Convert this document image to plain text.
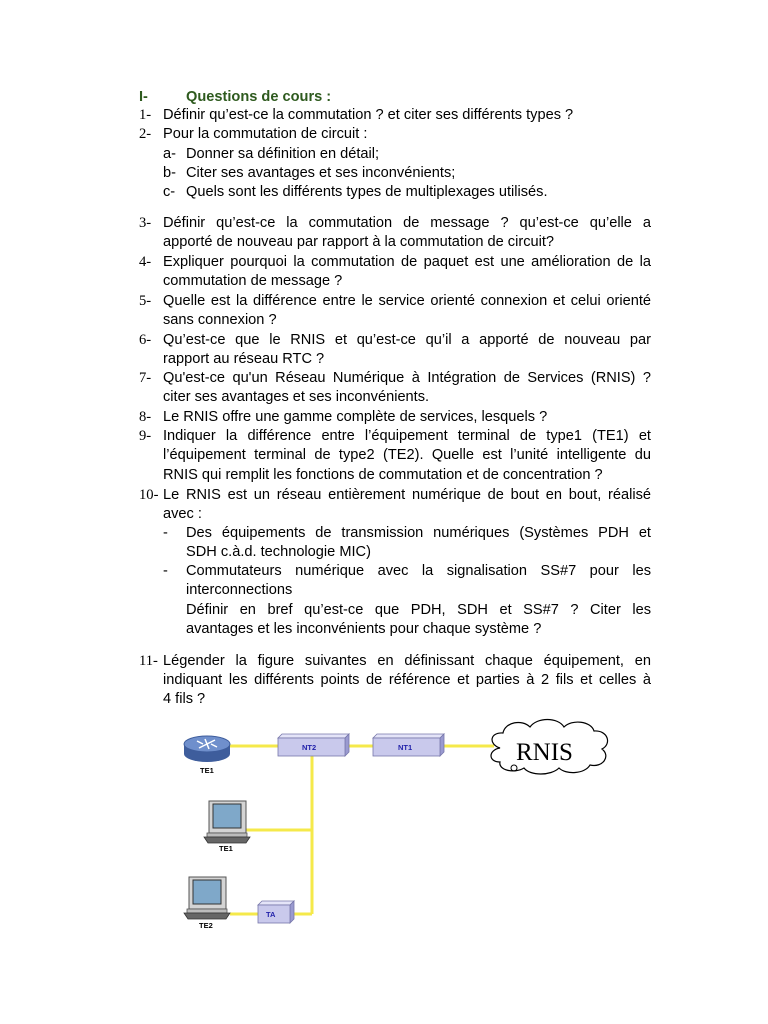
I-	Questions de cours :
1- Définir qu’est-ce la commutation ? et citer ses différents types ?
2- Pour la commutation de circuit :
a- Donner sa définition en détail;
b- Citer ses avantages et ses inconvénients;
c- Quels sont les différents types de multiplexages utilisés.
3- Définir qu’est-ce la commutation de message ? qu’est-ce qu’elle a
apporté de nouveau par rapport à la commutation de circuit?
4- Expliquer pourquoi la commutation de paquet est une amélioration de la
commutation de message ?
5- Quelle est la différence entre le service orienté connexion et celui orienté
sans connexion ?
6- Qu’est-ce que le RNIS et qu’est-ce qu’il a apporté de nouveau par
rapport au réseau RTC ?
7- Qu'est-ce qu'un Réseau Numérique à Intégration de Services (RNIS) ?
citer ses avantages et ses inconvénients.
8- Le RNIS offre une gamme complète de services, lesquels ?
9- Indiquer la différence entre l’équipement terminal de type1 (TE1) et
l’équipement terminal de type2 (TE2). Quelle est l’unité intelligente du
RNIS qui remplit les fonctions de commutation et de concentration ?
10- Le RNIS est un réseau entièrement numérique de bout en bout, réalisé
avec :
- Des équipements de transmission numériques (Systèmes PDH et
SDH c.à.d. technologie MIC)
- Commutateurs numérique avec la signalisation SS#7 pour les
interconnections
Définir en bref qu’est-ce que PDH, SDH et SS#7 ? Citer les
avantages et les inconvénients pour chaque système ?
11- Légender la figure suivantes en définissant chaque équipement, en
indiquant les différents points de référence et parties à 2 fils et celles à
4 fils ?
TE1
NT2	NT1	RNIS
TE1
TE2
TA
